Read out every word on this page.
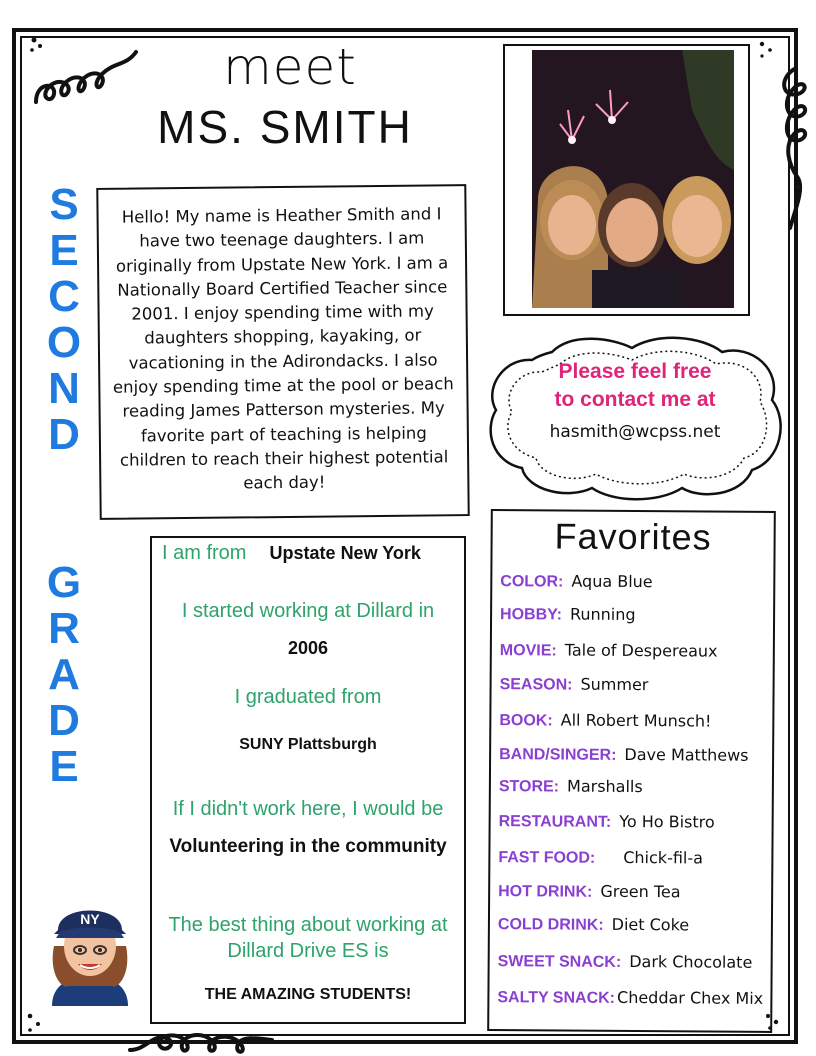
meet
MS. SMITH
S
E
C
O
N
D
G
R
A
D
E
Hello! My name is Heather Smith and I have two teenage daughters. I am originally from Upstate New York. I am a Nationally Board Certified Teacher since 2001. I enjoy spending time with my daughters shopping, kayaking, or vacationing in the Adirondacks. I also enjoy spending time at the pool or beach reading James Patterson mysteries. My favorite part of teaching is helping children to reach their highest potential each day!
Please feel free
to contact me at
hasmith@wcpss.net
I am from Upstate New York
I started working at Dillard in
2006
I graduated from
SUNY Plattsburgh
If I didn't work here, I would be
Volunteering in the community
The best thing about working at
Dillard Drive ES is
THE AMAZING STUDENTS!
Favorites
COLOR: Aqua Blue
HOBBY: Running
MOVIE: Tale of Despereaux
SEASON: Summer
BOOK: All Robert Munsch!
BAND/SINGER: Dave Matthews
STORE: Marshalls
RESTAURANT: Yo Ho Bistro
FAST FOOD: Chick-fil-a
HOT DRINK: Green Tea
COLD DRINK: Diet Coke
SWEET SNACK: Dark Chocolate
SALTY SNACK: Cheddar Chex Mix
NY
